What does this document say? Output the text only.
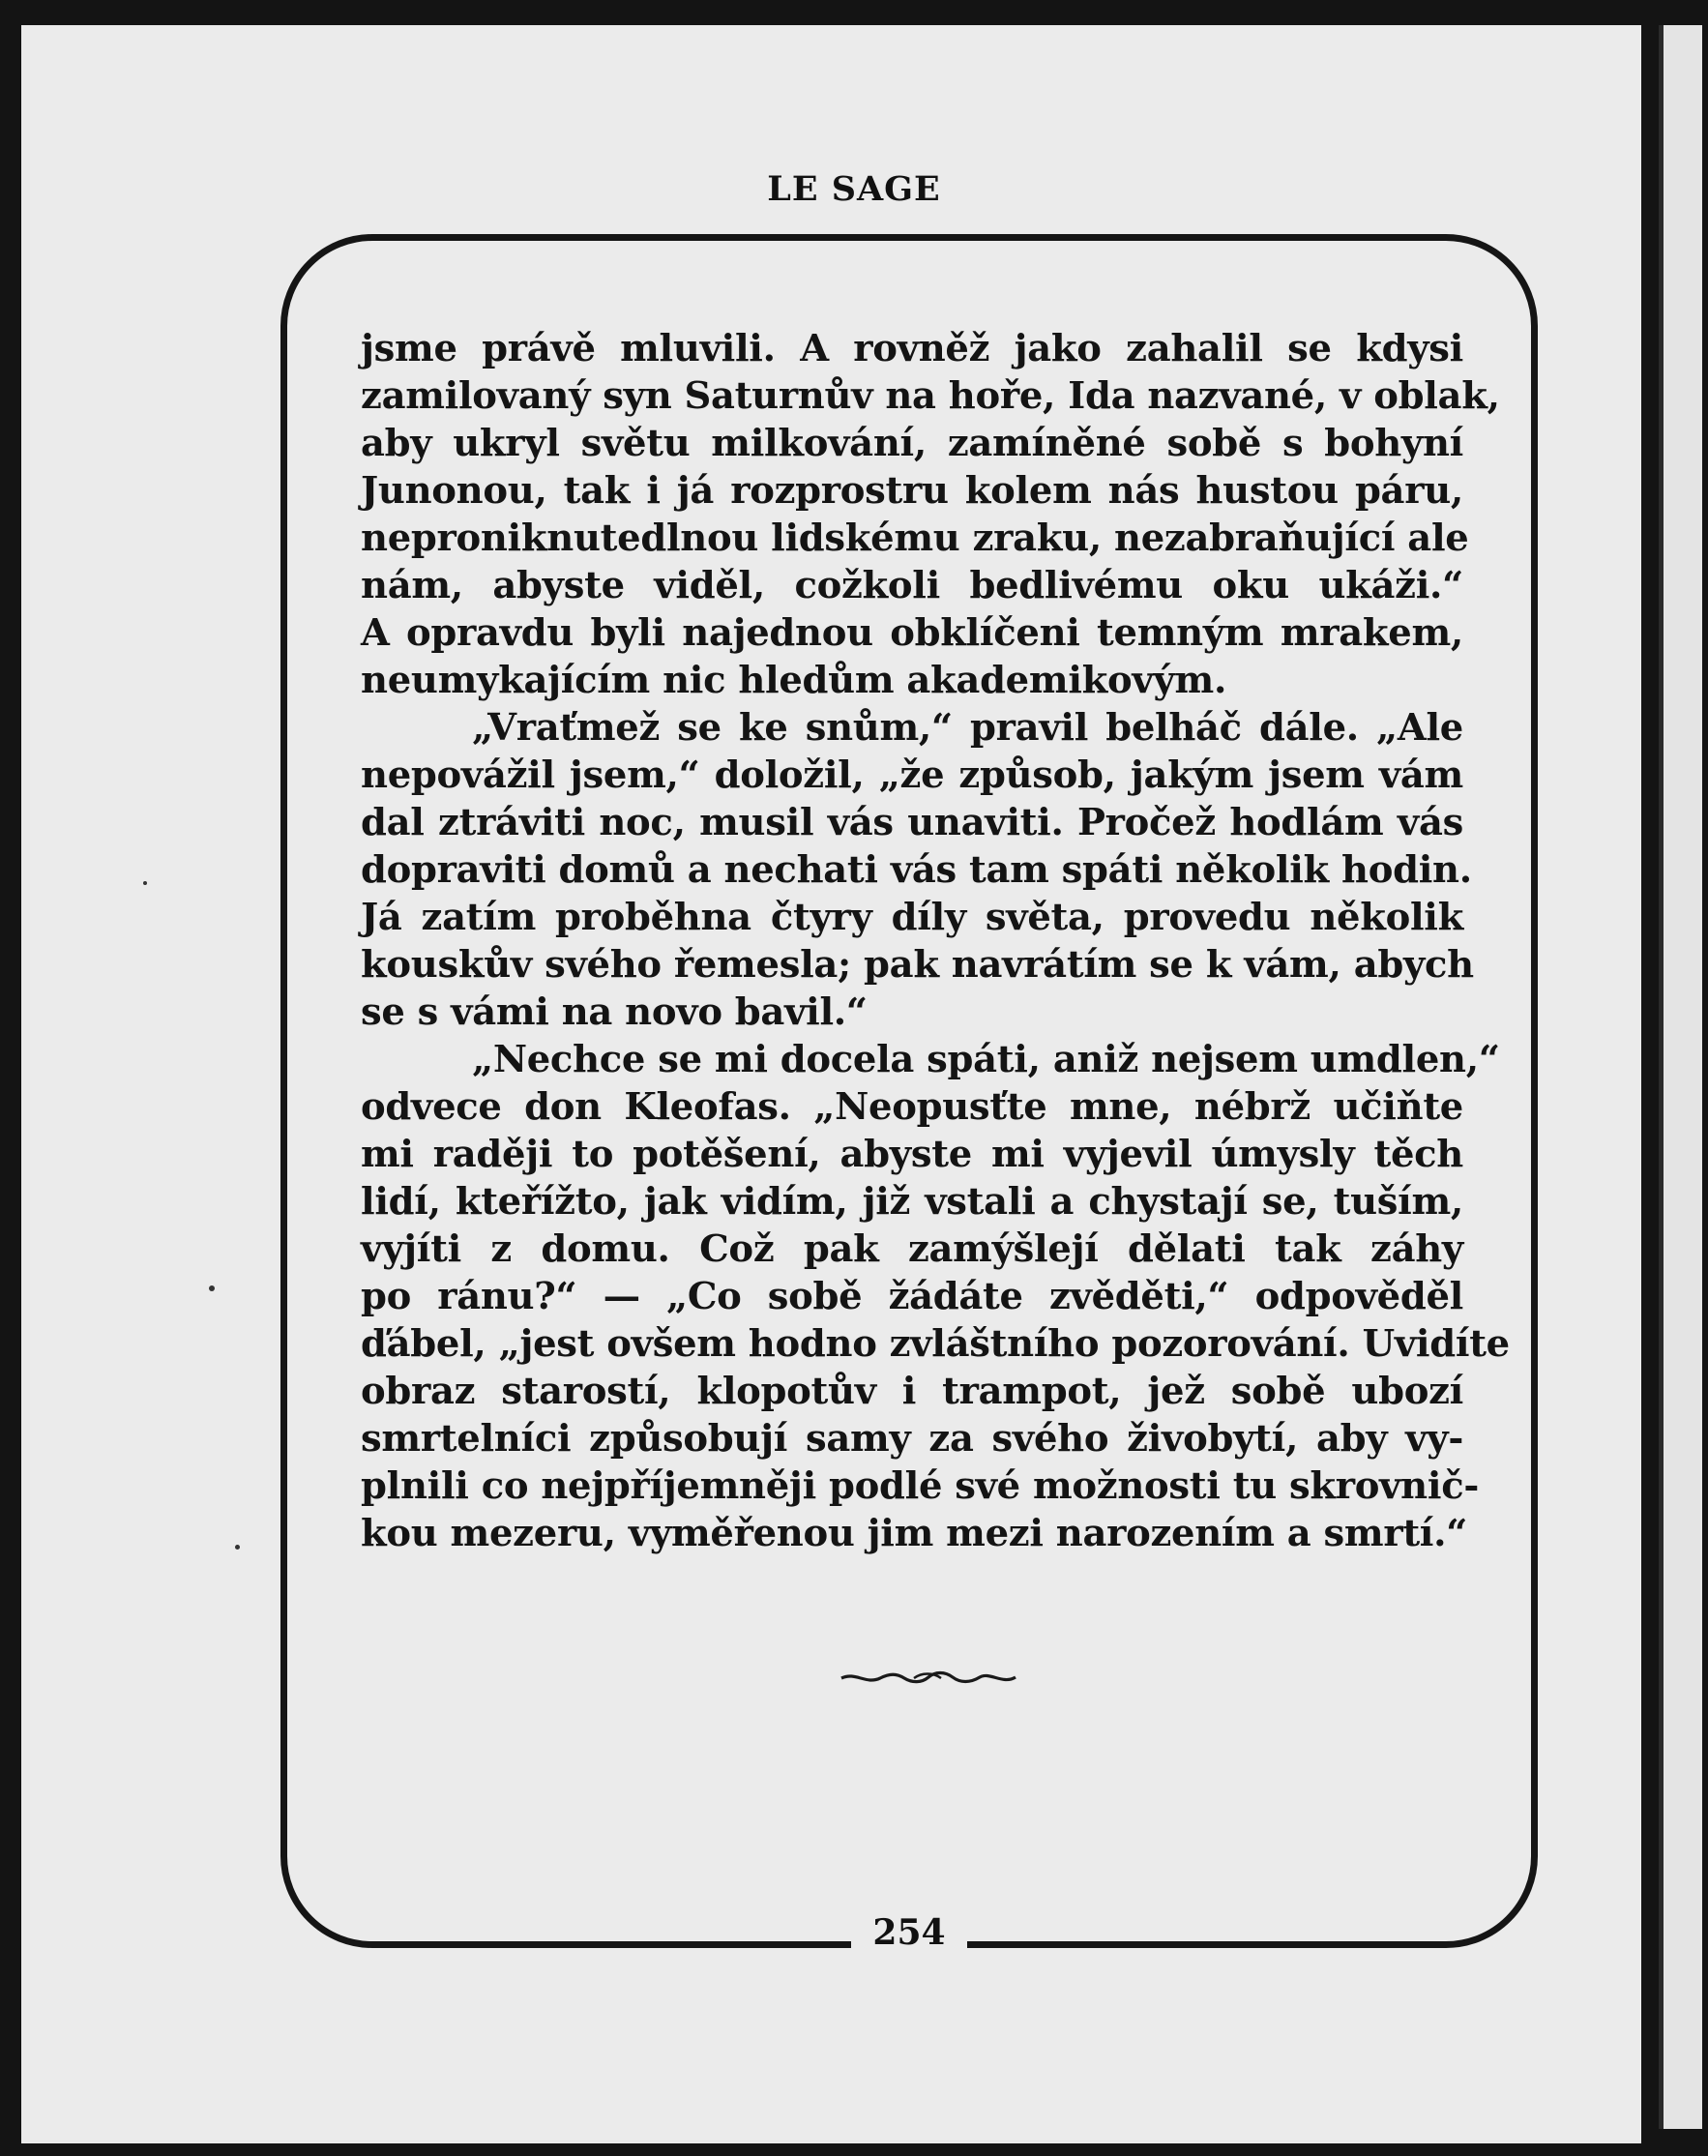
LE SAGE
jsme právě mluvili. A rovněž jako zahalil se kdysi
zamilovaný syn Saturnův na hoře, Ida nazvané, v oblak,
aby ukryl světu milkování, zamíněné sobě s bohyní
Junonou, tak i já rozprostru kolem nás hustou páru,
neproniknutedlnou lidskému zraku, nezabraňující ale
nám, abyste viděl, cožkoli bedlivému oku ukáži.“
A opravdu byli najednou obklíčeni temným mrakem,
neumykajícím nic hledům akademikovým.
„Vraťmež se ke snům,“ pravil belháč dále. „Ale
nepovážil jsem,“ doložil, „že způsob, jakým jsem vám
dal ztráviti noc, musil vás unaviti. Pročež hodlám vás
dopraviti domů a nechati vás tam spáti několik hodin.
Já zatím proběhna čtyry díly světa, provedu několik
kouskův svého řemesla; pak navrátím se k vám, abych
se s vámi na novo bavil.“
„Nechce se mi docela spáti, aniž nejsem umdlen,“
odvece don Kleofas. „Neopusťte mne, nébrž učiňte
mi raději to potěšení, abyste mi vyjevil úmysly těch
lidí, kteřížto, jak vidím, již vstali a chystají se, tuším,
vyjíti z domu. Což pak zamýšlejí dělati tak záhy
po ránu?“ — „Co sobě žádáte zvěděti,“ odpověděl
ďábel, „jest ovšem hodno zvláštního pozorování. Uvidíte
obraz starostí, klopotův i trampot, jež sobě ubozí
smrtelníci způsobují samy za svého živobytí, aby vy-
plnili co nejpříjemněji podlé své možnosti tu skrovnič-
kou mezeru, vyměřenou jim mezi narozením a smrtí.“
254
